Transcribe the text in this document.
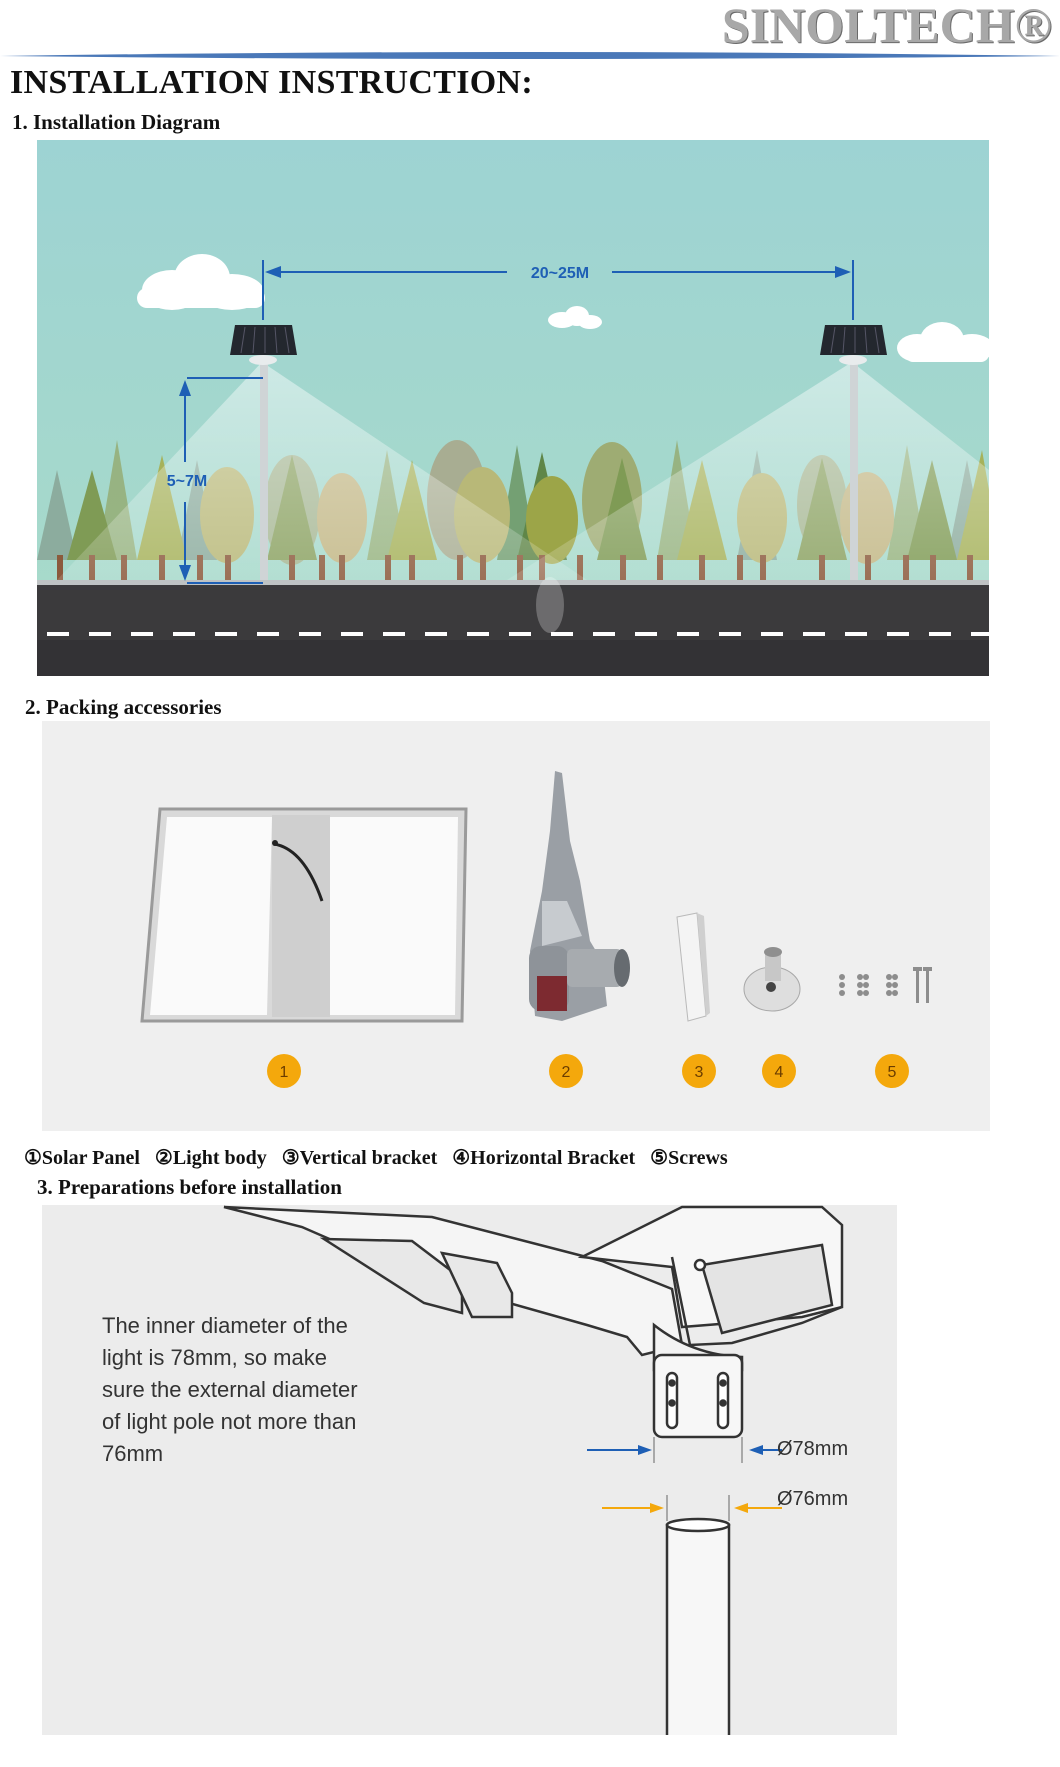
SINOLTECH®
INSTALLATION INSTRUCTION:
1. Installation Diagram
20~25M
5~7M
2. Packing accessories
1	2	3	4	5
①Solar Panel ②Light body ③Vertical bracket ④Horizontal Bracket ⑤Screws
3. Preparations before installation
Ø78mm
Ø76mm
The inner diameter of the
light is 78mm, so make
sure the external diameter
of light pole not more than
76mm
